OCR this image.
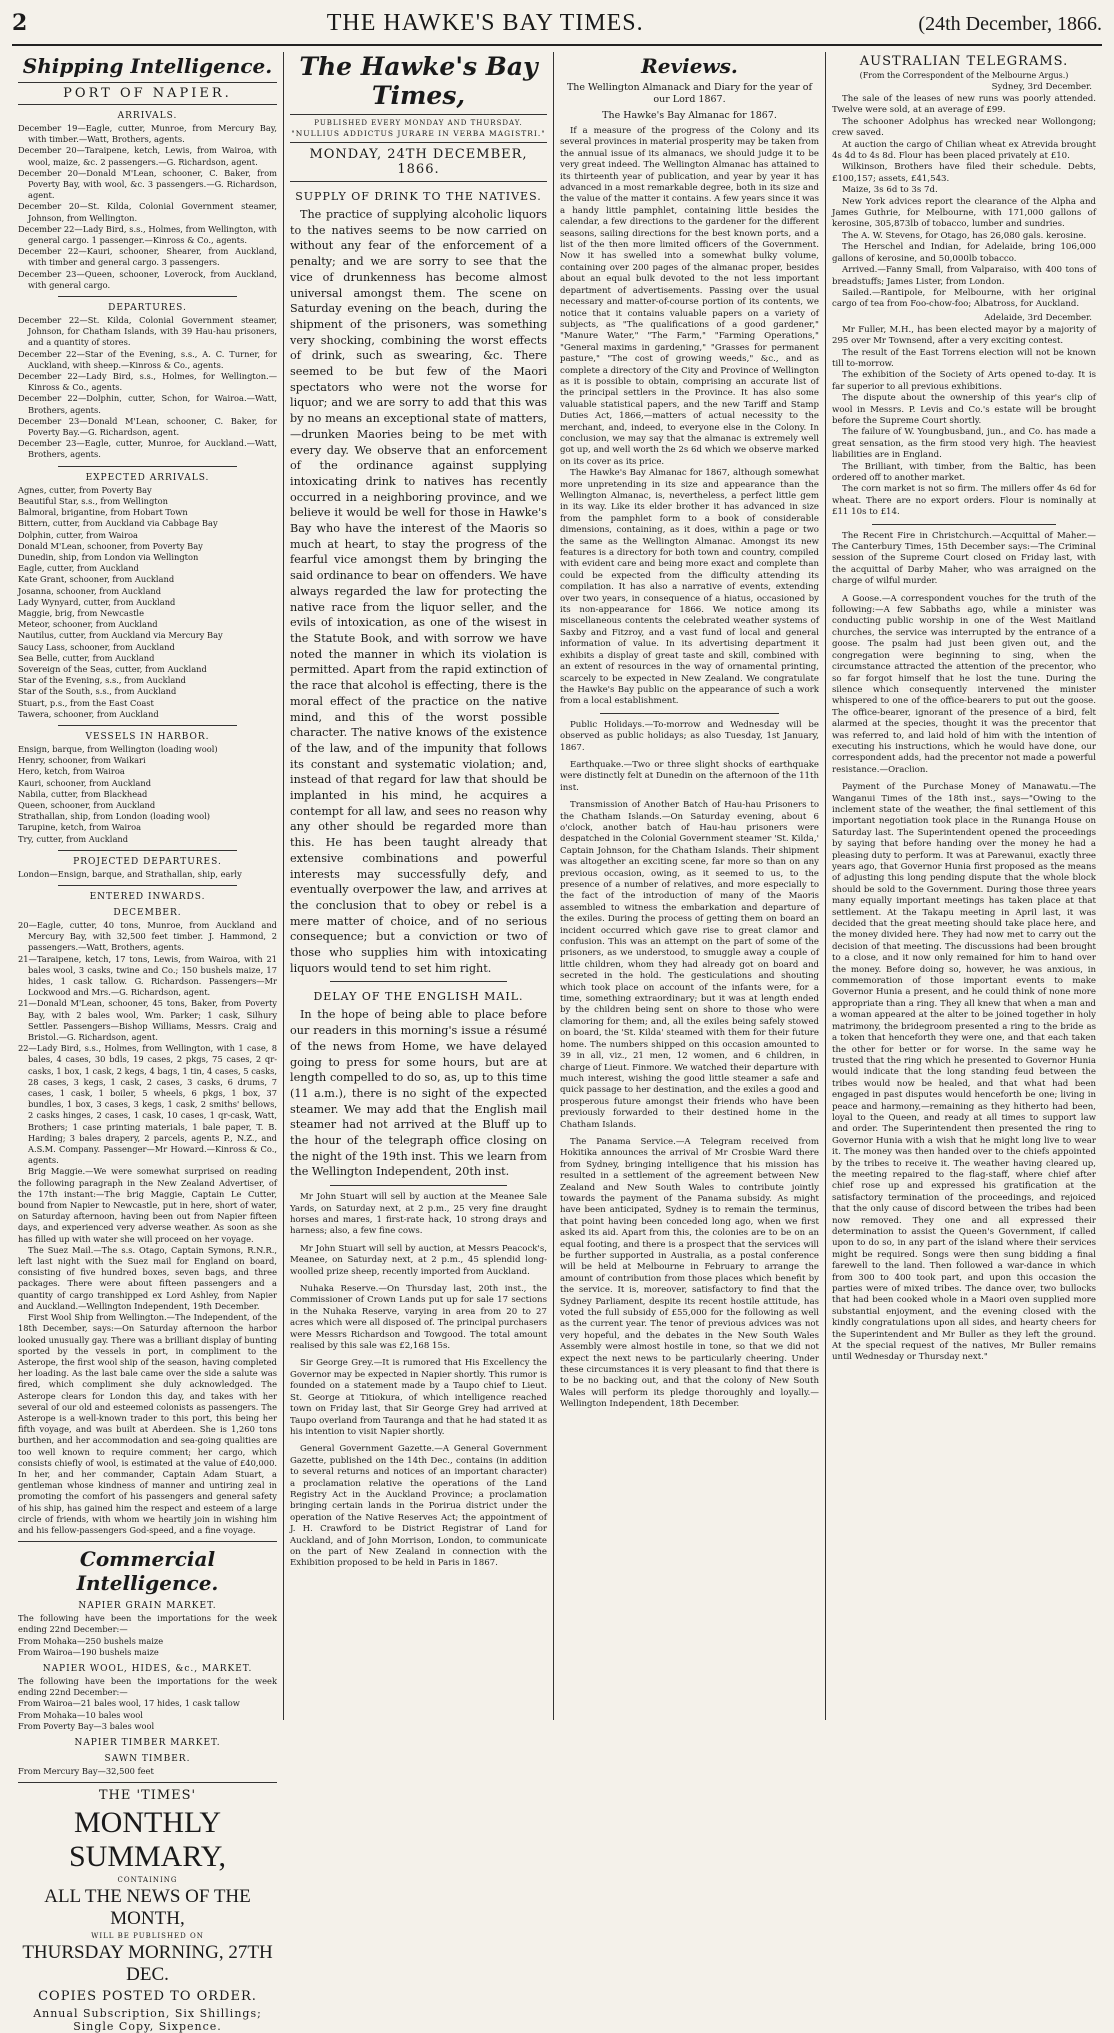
2	THE HAWKE'S BAY TIMES.	(24th December, 1866.
Shipping Intelligence.
PORT OF NAPIER.
ARRIVALS.

December 19—Eagle, cutter, Munroe, from Mercury Bay, with timber.—Watt, Brothers, agents.

December 20—Taraipene, ketch, Lewis, from Wairoa, with wool, maize, &c. 2 passengers.—G. Richardson, agent.

December 20—Donald M'Lean, schooner, C. Baker, from Poverty Bay, with wool, &c. 3 passengers.—G. Richardson, agent.

December 20—St. Kilda, Colonial Government steamer, Johnson, from Wellington.

December 22—Lady Bird, s.s., Holmes, from Wellington, with general cargo. 1 passenger.—Kinross & Co., agents.

December 22—Kauri, schooner, Shearer, from Auckland, with timber and general cargo. 3 passengers.

December 23—Queen, schooner, Loverock, from Auckland, with general cargo.

DEPARTURES.

December 22—St. Kilda, Colonial Government steamer, Johnson, for Chatham Islands, with 39 Hau-hau prisoners, and a quantity of stores.

December 22—Star of the Evening, s.s., A. C. Turner, for Auckland, with sheep.—Kinross & Co., agents.

December 22—Lady Bird, s.s., Holmes, for Wellington.—Kinross & Co., agents.

December 22—Dolphin, cutter, Schon, for Wairoa.—Watt, Brothers, agents.

December 23—Donald M'Lean, schooner, C. Baker, for Poverty Bay.—G. Richardson, agent.

December 23—Eagle, cutter, Munroe, for Auckland.—Watt, Brothers, agents.

EXPECTED ARRIVALS.

Agnes, cutter, from Poverty Bay

Beautiful Star, s.s., from Wellington

Balmoral, brigantine, from Hobart Town

Bittern, cutter, from Auckland via Cabbage Bay

Dolphin, cutter, from Wairoa

Donald M'Lean, schooner, from Poverty Bay

Dunedin, ship, from London via Wellington

Eagle, cutter, from Auckland

Kate Grant, schooner, from Auckland

Josanna, schooner, from Auckland

Lady Wynyard, cutter, from Auckland

Maggie, brig, from Newcastle

Meteor, schooner, from Auckland

Nautilus, cutter, from Auckland via Mercury Bay

Saucy Lass, schooner, from Auckland

Sea Belle, cutter, from Auckland

Sovereign of the Seas, cutter, from Auckland

Star of the Evening, s.s., from Auckland

Star of the South, s.s., from Auckland

Stuart, p.s., from the East Coast

Tawera, schooner, from Auckland

VESSELS IN HARBOR.

Ensign, barque, from Wellington (loading wool)

Henry, schooner, from Waikari

Hero, ketch, from Wairoa

Kauri, schooner, from Auckland

Nabila, cutter, from Blackhead

Queen, schooner, from Auckland

Strathallan, ship, from London (loading wool)

Tarupine, ketch, from Wairoa

Try, cutter, from Auckland

PROJECTED DEPARTURES.

London—Ensign, barque, and Strathallan, ship, early

ENTERED INWARDS.
DECEMBER.

20—Eagle, cutter, 40 tons, Munroe, from Auckland and Mercury Bay, with 32,500 feet timber. J. Hammond, 2 passengers.—Watt, Brothers, agents.

21—Taraipene, ketch, 17 tons, Lewis, from Wairoa, with 21 bales wool, 3 casks, twine and Co.; 150 bushels maize, 17 hides, 1 cask tallow. G. Richardson. Passengers—Mr Lockwood and Mrs.—G. Richardson, agent.

21—Donald M'Lean, schooner, 45 tons, Baker, from Poverty Bay, with 2 bales wool, Wm. Parker; 1 cask, Silhury Settler. Passengers—Bishop Williams, Messrs. Craig and Bristol.—G. Richardson, agent.

22—Lady Bird, s.s., Holmes, from Wellington, with 1 case, 8 bales, 4 cases, 30 bdls, 19 cases, 2 pkgs, 75 cases, 2 qr-casks, 1 box, 1 cask, 2 kegs, 4 bags, 1 tin, 4 cases, 5 casks, 28 cases, 3 kegs, 1 cask, 2 cases, 3 casks, 6 drums, 7 cases, 1 cask, 1 boiler, 5 wheels, 6 pkgs, 1 box, 37 bundles, 1 box, 3 cases, 3 kegs, 1 cask, 2 smiths' bellows, 2 casks hinges, 2 cases, 1 cask, 10 cases, 1 qr-cask, Watt, Brothers; 1 case printing materials, 1 bale paper, T. B. Harding; 3 bales drapery, 2 parcels, agents P., N.Z., and A.S.M. Company. Passenger—Mr Howard.—Kinross & Co., agents.

Brig Maggie.—We were somewhat surprised on reading the following paragraph in the New Zealand Advertiser, of the 17th instant:—The brig Maggie, Captain Le Cutter, bound from Napier to Newcastle, put in here, short of water, on Saturday afternoon, having been out from Napier fifteen days, and experienced very adverse weather. As soon as she has filled up with water she will proceed on her voyage.

The Suez Mail.—The s.s. Otago, Captain Symons, R.N.R., left last night with the Suez mail for England on board, consisting of five hundred boxes, seven bags, and three packages. There were about fifteen passengers and a quantity of cargo transhipped ex Lord Ashley, from Napier and Auckland.—Wellington Independent, 19th December.

First Wool Ship from Wellington.—The Independent, of the 18th December, says:—On Saturday afternoon the harbor looked unusually gay. There was a brilliant display of bunting sported by the vessels in port, in compliment to the Asterope, the first wool ship of the season, having completed her loading. As the last bale came over the side a salute was fired, which compliment she duly acknowledged. The Asterope clears for London this day, and takes with her several of our old and esteemed colonists as passengers. The Asterope is a well-known trader to this port, this being her fifth voyage, and was built at Aberdeen. She is 1,260 tons burthen, and her accommodation and sea-going qualities are too well known to require comment; her cargo, which consists chiefly of wool, is estimated at the value of £40,000. In her, and her commander, Captain Adam Stuart, a gentleman whose kindness of manner and untiring zeal in promoting the comfort of his passengers and general safety of his ship, has gained him the respect and esteem of a large circle of friends, with whom we heartily join in wishing him and his fellow-passengers God-speed, and a fine voyage.

Commercial Intelligence.
NAPIER GRAIN MARKET.

The following have been the importations for the week ending 22nd December:—

From Mohaka—250 bushels maize

From Wairoa—190 bushels maize

NAPIER WOOL, HIDES, &c., MARKET.

The following have been the importations for the week ending 22nd December:—

From Wairoa—21 bales wool, 17 hides, 1 cask tallow

From Mohaka—10 bales wool

From Poverty Bay—3 bales wool

NAPIER TIMBER MARKET.
SAWN TIMBER.

From Mercury Bay—32,500 feet

THE 'TIMES'
MONTHLY SUMMARY,
CONTAINING
ALL THE NEWS OF THE MONTH,
WILL BE PUBLISHED ON
THURSDAY MORNING, 27TH DEC.
COPIES POSTED TO ORDER.
Annual Subscription, Six Shillings; Single Copy, Sixpence.
The Hawke's Bay Times,
PUBLISHED EVERY MONDAY AND THURSDAY.
"NULLIUS ADDICTUS JURARE IN VERBA MAGISTRI."
MONDAY, 24TH DECEMBER, 1866.
SUPPLY OF DRINK TO THE NATIVES.

The practice of supplying alcoholic liquors to the natives seems to be now carried on without any fear of the enforcement of a penalty; and we are sorry to see that the vice of drunkenness has become almost universal amongst them. The scene on Saturday evening on the beach, during the shipment of the prisoners, was something very shocking, combining the worst effects of drink, such as swearing, &c. There seemed to be but few of the Maori spectators who were not the worse for liquor; and we are sorry to add that this was by no means an exceptional state of matters,—drunken Maories being to be met with every day. We observe that an enforcement of the ordinance against supplying intoxicating drink to natives has recently occurred in a neighboring province, and we believe it would be well for those in Hawke's Bay who have the interest of the Maoris so much at heart, to stay the progress of the fearful vice amongst them by bringing the said ordinance to bear on offenders. We have always regarded the law for protecting the native race from the liquor seller, and the evils of intoxication, as one of the wisest in the Statute Book, and with sorrow we have noted the manner in which its violation is permitted. Apart from the rapid extinction of the race that alcohol is effecting, there is the moral effect of the practice on the native mind, and this of the worst possible character. The native knows of the existence of the law, and of the impunity that follows its constant and systematic violation; and, instead of that regard for law that should be implanted in his mind, he acquires a contempt for all law, and sees no reason why any other should be regarded more than this. He has been taught already that extensive combinations and powerful interests may successfully defy, and eventually overpower the law, and arrives at the conclusion that to obey or rebel is a mere matter of choice, and of no serious consequence; but a conviction or two of those who supplies him with intoxicating liquors would tend to set him right.

DELAY OF THE ENGLISH MAIL.

In the hope of being able to place before our readers in this morning's issue a résumé of the news from Home, we have delayed going to press for some hours, but are at length compelled to do so, as, up to this time (11 a.m.), there is no sight of the expected steamer. We may add that the English mail steamer had not arrived at the Bluff up to the hour of the telegraph office closing on the night of the 19th inst. This we learn from the Wellington Independent, 20th inst.

Mr John Stuart will sell by auction at the Meanee Sale Yards, on Saturday next, at 2 p.m., 25 very fine draught horses and mares, 1 first-rate hack, 10 strong drays and harness; also, a few fine cows.

Mr John Stuart will sell by auction, at Messrs Peacock's, Meanee, on Saturday next, at 2 p.m., 45 splendid long-woolled prize sheep, recently imported from Auckland.

Nuhaka Reserve.—On Thursday last, 20th inst., the Commissioner of Crown Lands put up for sale 17 sections in the Nuhaka Reserve, varying in area from 20 to 27 acres which were all disposed of. The principal purchasers were Messrs Richardson and Towgood. The total amount realised by this sale was £2,168 15s.

Sir George Grey.—It is rumored that His Excellency the Governor may be expected in Napier shortly. This rumor is founded on a statement made by a Taupo chief to Lieut. St. George at Titiokura, of which intelligence reached town on Friday last, that Sir George Grey had arrived at Taupo overland from Tauranga and that he had stated it as his intention to visit Napier shortly.

General Government Gazette.—A General Government Gazette, published on the 14th Dec., contains (in addition to several returns and notices of an important character) a proclamation relative the operations of the Land Registry Act in the Auckland Province; a proclamation bringing certain lands in the Porirua district under the operation of the Native Reserves Act; the appointment of J. H. Crawford to be District Registrar of Land for Auckland, and of John Morrison, London, to communicate on the part of New Zealand in connection with the Exhibition proposed to be held in Paris in 1867.

Reviews.
The Wellington Almanack and Diary for the year of our Lord 1867.
The Hawke's Bay Almanac for 1867.

If a measure of the progress of the Colony and its several provinces in material prosperity may be taken from the annual issue of its almanacs, we should judge it to be very great indeed. The Wellington Almanac has attained to its thirteenth year of publication, and year by year it has advanced in a most remarkable degree, both in its size and the value of the matter it contains. A few years since it was a handy little pamphlet, containing little besides the calendar, a few directions to the gardener for the different seasons, sailing directions for the best known ports, and a list of the then more limited officers of the Government. Now it has swelled into a somewhat bulky volume, containing over 200 pages of the almanac proper, besides about an equal bulk devoted to the not less important department of advertisements. Passing over the usual necessary and matter-of-course portion of its contents, we notice that it contains valuable papers on a variety of subjects, as "The qualifications of a good gardener," "Manure Water," "The Farm," "Farming Operations," "General maxims in gardening," "Grasses for permanent pasture," "The cost of growing weeds," &c., and as complete a directory of the City and Province of Wellington as it is possible to obtain, comprising an accurate list of the principal settlers in the Province. It has also some valuable statistical papers, and the new Tariff and Stamp Duties Act, 1866,—matters of actual necessity to the merchant, and, indeed, to everyone else in the Colony. In conclusion, we may say that the almanac is extremely well got up, and well worth the 2s 6d which we observe marked on its cover as its price.

The Hawke's Bay Almanac for 1867, although somewhat more unpretending in its size and appearance than the Wellington Almanac, is, nevertheless, a perfect little gem in its way. Like its elder brother it has advanced in size from the pamphlet form to a book of considerable dimensions, containing, as it does, within a page or two the same as the Wellington Almanac. Amongst its new features is a directory for both town and country, compiled with evident care and being more exact and complete than could be expected from the difficulty attending its compilation. It has also a narrative of events, extending over two years, in consequence of a hiatus, occasioned by its non-appearance for 1866. We notice among its miscellaneous contents the celebrated weather systems of Saxby and Fitzroy, and a vast fund of local and general information of value. In its advertising department it exhibits a display of great taste and skill, combined with an extent of resources in the way of ornamental printing, scarcely to be expected in New Zealand. We congratulate the Hawke's Bay public on the appearance of such a work from a local establishment.

Public Holidays.—To-morrow and Wednesday will be observed as public holidays; as also Tuesday, 1st January, 1867.

Earthquake.—Two or three slight shocks of earthquake were distinctly felt at Dunedin on the afternoon of the 11th inst.

Transmission of Another Batch of Hau-hau Prisoners to the Chatham Islands.—On Saturday evening, about 6 o'clock, another batch of Hau-hau prisoners were despatched in the Colonial Government steamer 'St. Kilda,' Captain Johnson, for the Chatham Islands. Their shipment was altogether an exciting scene, far more so than on any previous occasion, owing, as it seemed to us, to the presence of a number of relatives, and more especially to the fact of the introduction of many of the Maoris assembled to witness the embarkation and departure of the exiles. During the process of getting them on board an incident occurred which gave rise to great clamor and confusion. This was an attempt on the part of some of the prisoners, as we understood, to smuggle away a couple of little children, whom they had already got on board and secreted in the hold. The gesticulations and shouting which took place on account of the infants were, for a time, something extraordinary; but it was at length ended by the children being sent on shore to those who were clamoring for them; and, all the exiles being safely stowed on board, the 'St. Kilda' steamed with them for their future home. The numbers shipped on this occasion amounted to 39 in all, viz., 21 men, 12 women, and 6 children, in charge of Lieut. Finmore. We watched their departure with much interest, wishing the good little steamer a safe and quick passage to her destination, and the exiles a good and prosperous future amongst their friends who have been previously forwarded to their destined home in the Chatham Islands.

The Panama Service.—A Telegram received from Hokitika announces the arrival of Mr Crosbie Ward there from Sydney, bringing intelligence that his mission has resulted in a settlement of the agreement between New Zealand and New South Wales to contribute jointly towards the payment of the Panama subsidy. As might have been anticipated, Sydney is to remain the terminus, that point having been conceded long ago, when we first asked its aid. Apart from this, the colonies are to be on an equal footing, and there is a prospect that the services will be further supported in Australia, as a postal conference will be held at Melbourne in February to arrange the amount of contribution from those places which benefit by the service. It is, moreover, satisfactory to find that the Sydney Parliament, despite its recent hostile attitude, has voted the full subsidy of £55,000 for the following as well as the current year. The tenor of previous advices was not very hopeful, and the debates in the New South Wales Assembly were almost hostile in tone, so that we did not expect the next news to be particularly cheering. Under these circumstances it is very pleasant to find that there is to be no backing out, and that the colony of New South Wales will perform its pledge thoroughly and loyally.—Wellington Independent, 18th December.

AUSTRALIAN TELEGRAMS.
(From the Correspondent of the Melbourne Argus.)
Sydney, 3rd December.

The sale of the leases of new runs was poorly attended. Twelve were sold, at an average of £99.

The schooner Adolphus has wrecked near Wollongong; crew saved.

At auction the cargo of Chilian wheat ex Atrevida brought 4s 4d to 4s 8d. Flour has been placed privately at £10.

Wilkinson, Brothers have filed their schedule. Debts, £100,157; assets, £41,543.

Maize, 3s 6d to 3s 7d.

New York advices report the clearance of the Alpha and James Guthrie, for Melbourne, with 171,000 gallons of kerosine, 305,873lb of tobacco, lumber and sundries.

The A. W. Stevens, for Otago, has 26,080 gals. kerosine.

The Herschel and Indian, for Adelaide, bring 106,000 gallons of kerosine, and 50,000lb tobacco.

Arrived.—Fanny Small, from Valparaiso, with 400 tons of breadstuffs; James Lister, from London.

Sailed.—Rantipole, for Melbourne, with her original cargo of tea from Foo-chow-foo; Albatross, for Auckland.

Adelaide, 3rd December.

Mr Fuller, M.H., has been elected mayor by a majority of 295 over Mr Townsend, after a very exciting contest.

The result of the East Torrens election will not be known till to-morrow.

The exhibition of the Society of Arts opened to-day. It is far superior to all previous exhibitions.

The dispute about the ownership of this year's clip of wool in Messrs. P. Levis and Co.'s estate will be brought before the Supreme Court shortly.

The failure of W. Youngbusband, jun., and Co. has made a great sensation, as the firm stood very high. The heaviest liabilities are in England.

The Brilliant, with timber, from the Baltic, has been ordered off to another market.

The corn market is not so firm. The millers offer 4s 6d for wheat. There are no export orders. Flour is nominally at £11 10s to £14.

The Recent Fire in Christchurch.—Acquittal of Maher.—The Canterbury Times, 15th December says:—The Criminal session of the Supreme Court closed on Friday last, with the acquittal of Darby Maher, who was arraigned on the charge of wilful murder.

A Goose.—A correspondent vouches for the truth of the following:—A few Sabbaths ago, while a minister was conducting public worship in one of the West Maitland churches, the service was interrupted by the entrance of a goose. The psalm had just been given out, and the congregation were beginning to sing, when the circumstance attracted the attention of the precentor, who so far forgot himself that he lost the tune. During the silence which consequently intervened the minister whispered to one of the office-bearers to put out the goose. The office-bearer, ignorant of the presence of a bird, felt alarmed at the species, thought it was the precentor that was referred to, and laid hold of him with the intention of executing his instructions, which he would have done, our correspondent adds, had the precentor not made a powerful resistance.—Oraclion.

Payment of the Purchase Money of Manawatu.—The Wanganui Times of the 18th inst., says—"Owing to the inclement state of the weather, the final settlement of this important negotiation took place in the Runanga House on Saturday last. The Superintendent opened the proceedings by saying that before handing over the money he had a pleasing duty to perform. It was at Parewanui, exactly three years ago, that Governor Hunia first proposed as the means of adjusting this long pending dispute that the whole block should be sold to the Government. During those three years many equally important meetings has taken place at that settlement. At the Takapu meeting in April last, it was decided that the great meeting should take place here, and the money divided here. They had now met to carry out the decision of that meeting. The discussions had been brought to a close, and it now only remained for him to hand over the money. Before doing so, however, he was anxious, in commemoration of those important events to make Governor Hunia a present, and he could think of none more appropriate than a ring. They all knew that when a man and a woman appeared at the alter to be joined together in holy matrimony, the bridegroom presented a ring to the bride as a token that henceforth they were one, and that each taken the other for better or for worse. In the same way he trusted that the ring which he presented to Governor Hunia would indicate that the long standing feud between the tribes would now be healed, and that what had been engaged in past disputes would henceforth be one; living in peace and harmony,—remaining as they hitherto had been, loyal to the Queen, and ready at all times to support law and order. The Superintendent then presented the ring to Governor Hunia with a wish that he might long live to wear it. The money was then handed over to the chiefs appointed by the tribes to receive it. The weather having cleared up, the meeting repaired to the flag-staff, where chief after chief rose up and expressed his gratification at the satisfactory termination of the proceedings, and rejoiced that the only cause of discord between the tribes had been now removed. They one and all expressed their determination to assist the Queen's Government, if called upon to do so, in any part of the island where their services might be required. Songs were then sung bidding a final farewell to the land. Then followed a war-dance in which from 300 to 400 took part, and upon this occasion the parties were of mixed tribes. The dance over, two bullocks that had been cooked whole in a Maori oven supplied more substantial enjoyment, and the evening closed with the kindly congratulations upon all sides, and hearty cheers for the Superintendent and Mr Buller as they left the ground. At the special request of the natives, Mr Buller remains until Wednesday or Thursday next."
